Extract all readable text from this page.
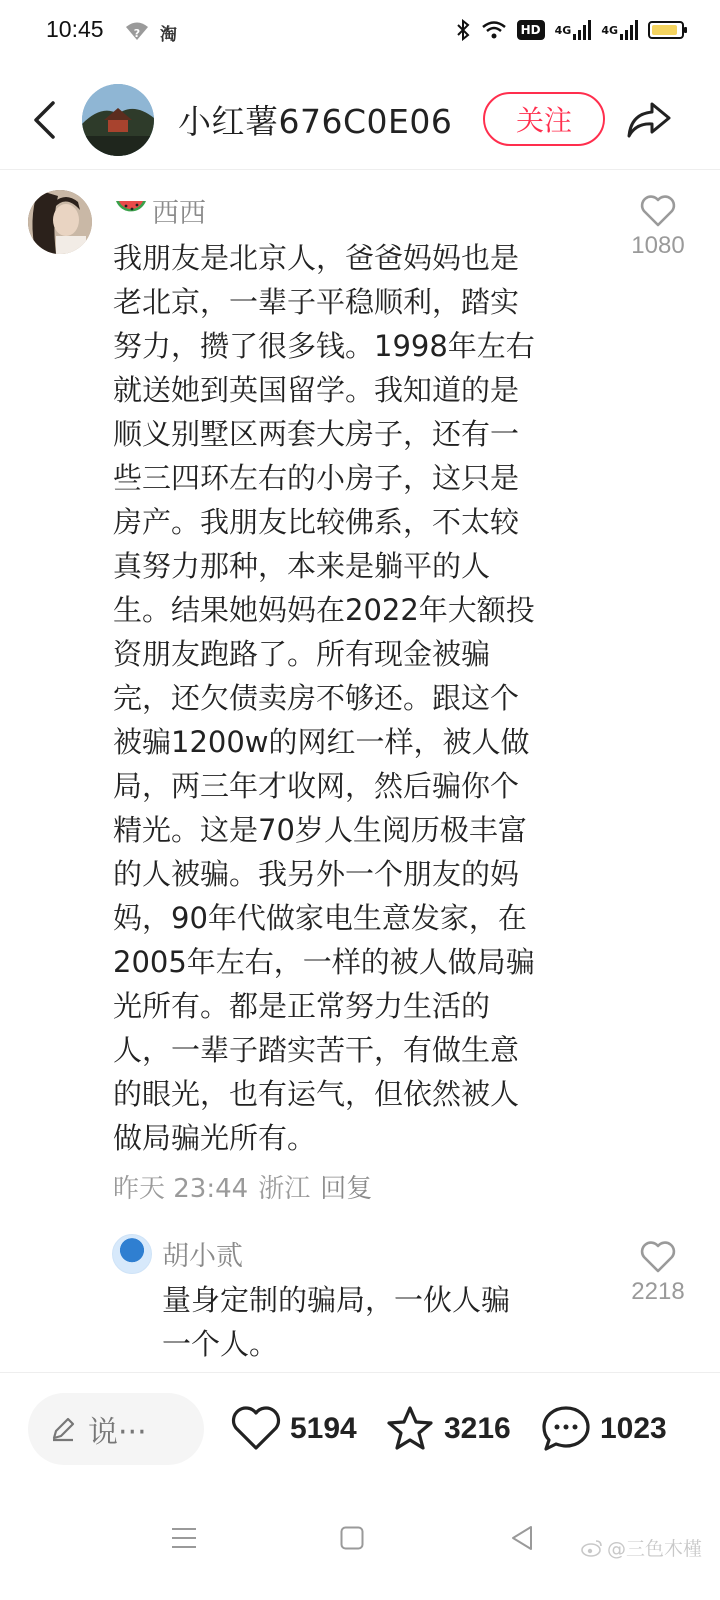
10:45	? 淘	HD	4G	4G
小红薯676C0E06	关注
西西
1080
我朋友是北京人，爸爸妈妈也是
老北京，一辈子平稳顺利，踏实
努力，攒了很多钱。1998年左右
就送她到英国留学。我知道的是
顺义别墅区两套大房子，还有一
些三四环左右的小房子，这只是
房产。我朋友比较佛系，不太较
真努力那种，本来是躺平的人
生。结果她妈妈在2022年大额投
资朋友跑路了。所有现金被骗
完，还欠债卖房不够还。跟这个
被骗1200w的网红一样，被人做
局，两三年才收网，然后骗你个
精光。这是70岁人生阅历极丰富
的人被骗。我另外一个朋友的妈
妈，90年代做家电生意发家，在
2005年左右，一样的被人做局骗
光所有。都是正常努力生活的
人，一辈子踏实苦干，有做生意
的眼光，也有运气，但依然被人
做局骗光所有。
昨天 23:44 浙江 回复
胡小贰
2218
量身定制的骗局，一伙人骗
一个人。
说···	5194	3216	1023
@三色木槿
